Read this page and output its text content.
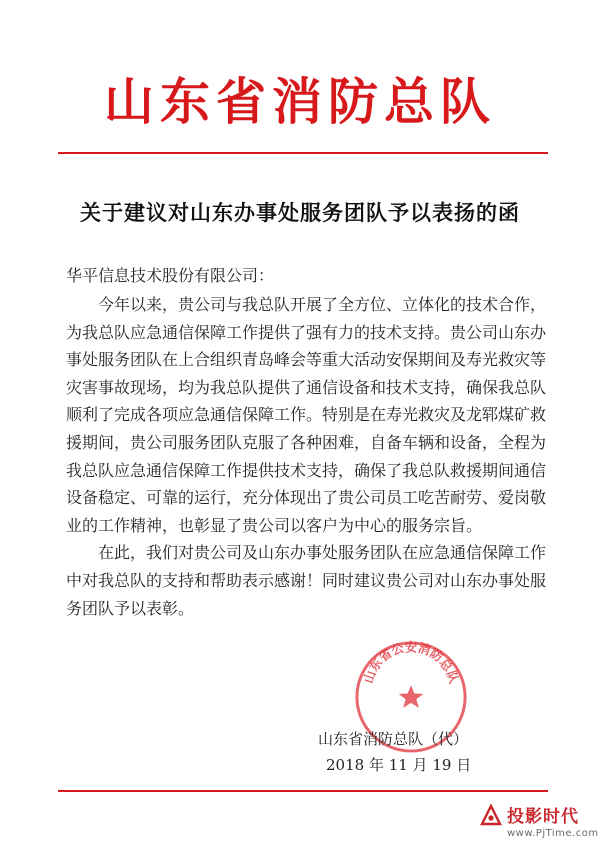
山东省消防总队
关于建议对山东办事处服务团队予以表扬的函
华平信息技术股份有限公司：

今年以来，贵公司与我总队开展了全方位、立体化的技术合作，为我总队应急通信保障工作提供了强有力的技术支持。贵公司山东办事处服务团队在上合组织青岛峰会等重大活动安保期间及寿光救灾等灾害事故现场，均为我总队提供了通信设备和技术支持，确保我总队顺利了完成各项应急通信保障工作。特别是在寿光救灾及龙郓煤矿救援期间，贵公司服务团队克服了各种困难，自备车辆和设备，全程为我总队应急通信保障工作提供技术支持，确保了我总队救援期间通信设备稳定、可靠的运行，充分体现出了贵公司员工吃苦耐劳、爱岗敬业的工作精神，也彰显了贵公司以客户为中心的服务宗旨。

在此，我们对贵公司及山东办事处服务团队在应急通信保障工作中对我总队的支持和帮助表示感谢！同时建议贵公司对山东办事处服务团队予以表彰。

山东省公安消防总队
山东省消防总队（代）
2018 年 11 月 19 日
投影时代
www.PjTime.com
